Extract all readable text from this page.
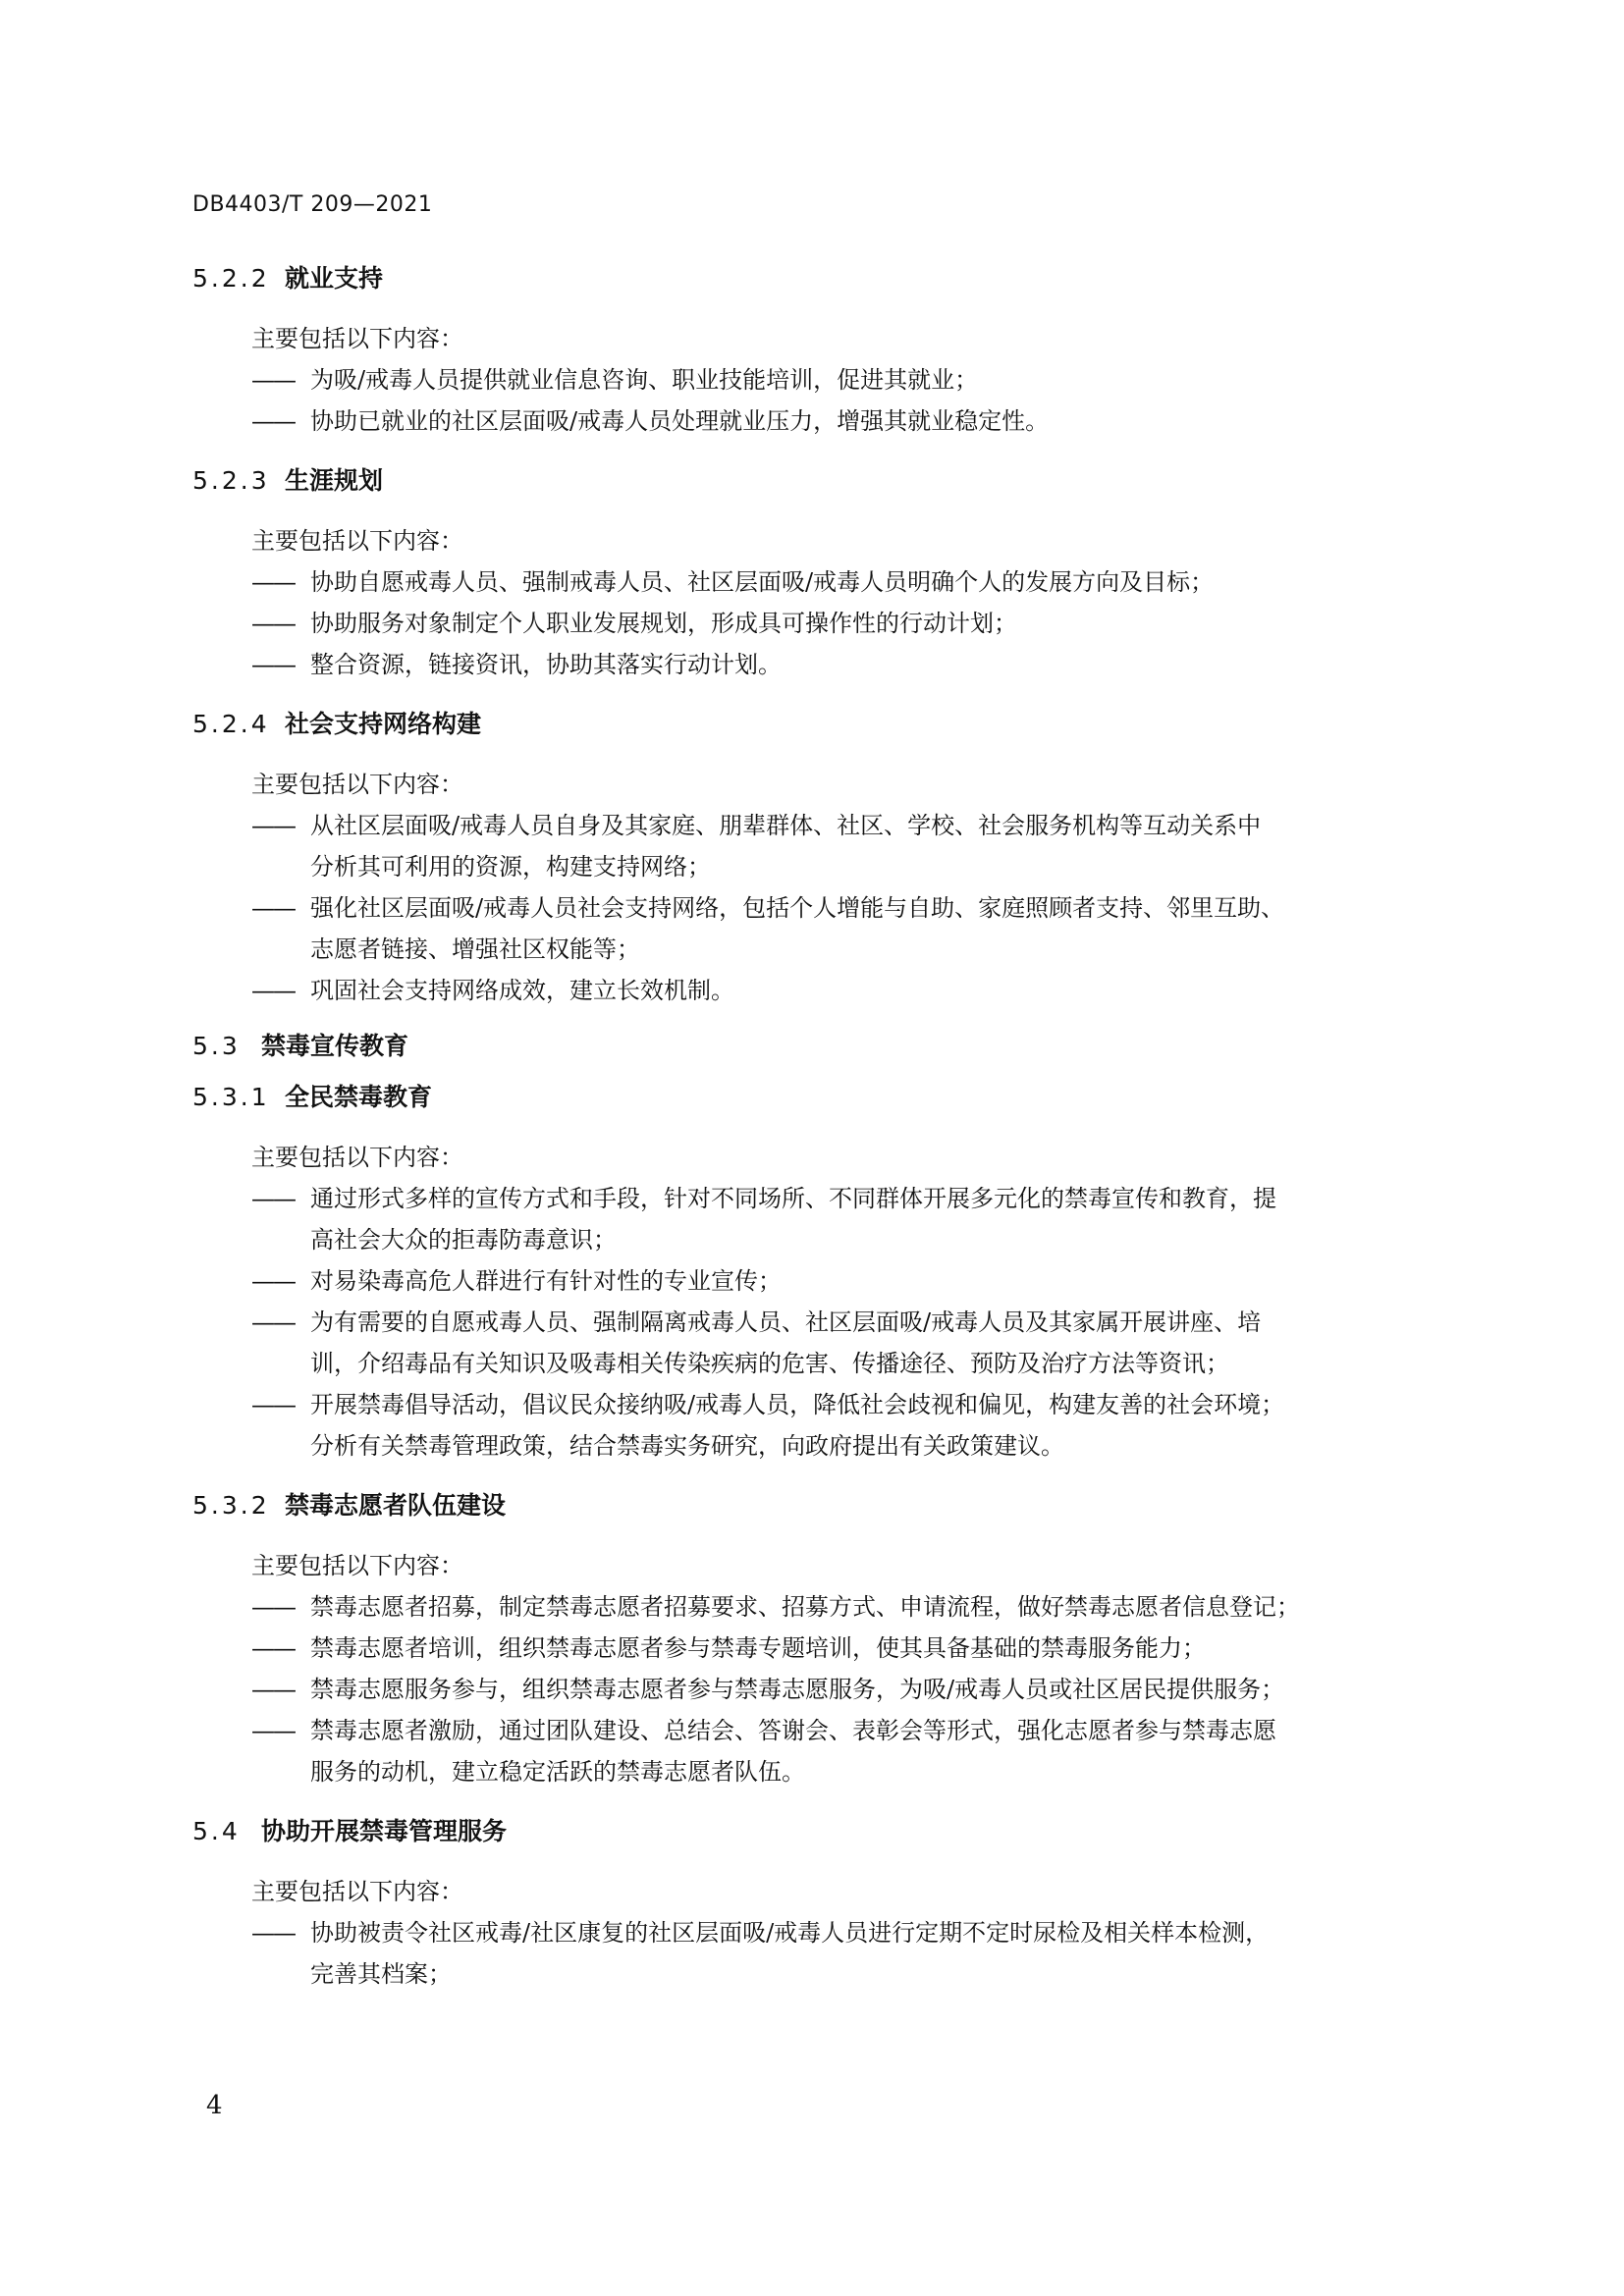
DB4403/T 209—2021
5.2.2 就业支持
主要包括以下内容：
—— 为吸/戒毒人员提供就业信息咨询、职业技能培训，促进其就业；
—— 协助已就业的社区层面吸/戒毒人员处理就业压力，增强其就业稳定性。
5.2.3 生涯规划
主要包括以下内容：
—— 协助自愿戒毒人员、强制戒毒人员、社区层面吸/戒毒人员明确个人的发展方向及目标；
—— 协助服务对象制定个人职业发展规划，形成具可操作性的行动计划；
—— 整合资源，链接资讯，协助其落实行动计划。
5.2.4 社会支持网络构建
主要包括以下内容：
—— 从社区层面吸/戒毒人员自身及其家庭、朋辈群体、社区、学校、社会服务机构等互动关系中
分析其可利用的资源，构建支持网络；
—— 强化社区层面吸/戒毒人员社会支持网络，包括个人增能与自助、家庭照顾者支持、邻里互助、
志愿者链接、增强社区权能等；
—— 巩固社会支持网络成效，建立长效机制。
5.3 禁毒宣传教育
5.3.1 全民禁毒教育
主要包括以下内容：
—— 通过形式多样的宣传方式和手段，针对不同场所、不同群体开展多元化的禁毒宣传和教育，提
高社会大众的拒毒防毒意识；
—— 对易染毒高危人群进行有针对性的专业宣传；
—— 为有需要的自愿戒毒人员、强制隔离戒毒人员、社区层面吸/戒毒人员及其家属开展讲座、培
训，介绍毒品有关知识及吸毒相关传染疾病的危害、传播途径、预防及治疗方法等资讯；
—— 开展禁毒倡导活动，倡议民众接纳吸/戒毒人员，降低社会歧视和偏见，构建友善的社会环境；
分析有关禁毒管理政策，结合禁毒实务研究，向政府提出有关政策建议。
5.3.2 禁毒志愿者队伍建设
主要包括以下内容：
—— 禁毒志愿者招募，制定禁毒志愿者招募要求、招募方式、申请流程，做好禁毒志愿者信息登记；
—— 禁毒志愿者培训，组织禁毒志愿者参与禁毒专题培训，使其具备基础的禁毒服务能力；
—— 禁毒志愿服务参与，组织禁毒志愿者参与禁毒志愿服务，为吸/戒毒人员或社区居民提供服务；
—— 禁毒志愿者激励，通过团队建设、总结会、答谢会、表彰会等形式，强化志愿者参与禁毒志愿
服务的动机，建立稳定活跃的禁毒志愿者队伍。
5.4 协助开展禁毒管理服务
主要包括以下内容：
—— 协助被责令社区戒毒/社区康复的社区层面吸/戒毒人员进行定期不定时尿检及相关样本检测，
完善其档案；
4
